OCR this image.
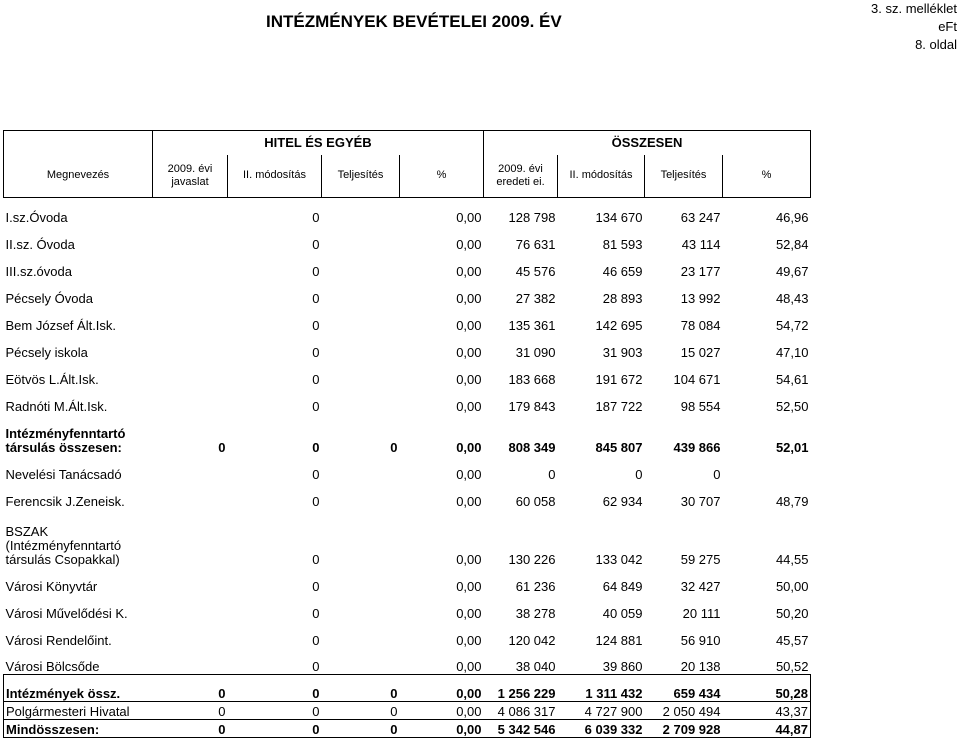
INTÉZMÉNYEK BEVÉTELEI 2009. ÉV
3. sz. melléklet
eFt
8. oldal
	HITEL ÉS EGYÉB				ÖSSZESEN			
Megnevezés	2009. évi javaslat	II. módosítás	Teljesítés	%	2009. évi eredeti ei.	II. módosítás	Teljesítés	%
I.sz.Óvoda		0		0,00	128 798	134 670	63 247	46,96
II.sz. Óvoda		0		0,00	76 631	81 593	43 114	52,84
III.sz.óvoda		0		0,00	45 576	46 659	23 177	49,67
Pécsely Óvoda		0		0,00	27 382	28 893	13 992	48,43
Bem József Ált.Isk.		0		0,00	135 361	142 695	78 084	54,72
Pécsely iskola		0		0,00	31 090	31 903	15 027	47,10
Eötvös L.Ált.Isk.		0		0,00	183 668	191 672	104 671	54,61
Radnóti M.Ált.Isk.		0		0,00	179 843	187 722	98 554	52,50
Intézményfenntartó társulás összesen:	0	0	0	0,00	808 349	845 807	439 866	52,01
Nevelési Tanácsadó		0		0,00	0	0	0	
Ferencsik J.Zeneisk.		0		0,00	60 058	62 934	30 707	48,79
BSZAK (Intézményfenntartó társulás Csopakkal)		0		0,00	130 226	133 042	59 275	44,55
Városi Könyvtár		0		0,00	61 236	64 849	32 427	50,00
Városi Művelődési K.		0		0,00	38 278	40 059	20 111	50,20
Városi Rendelőint.		0		0,00	120 042	124 881	56 910	45,57
Városi Bölcsőde		0		0,00	38 040	39 860	20 138	50,52
Intézmények össz.	0	0	0	0,00	1 256 229	1 311 432	659 434	50,28
Polgármesteri Hivatal	0	0	0	0,00	4 086 317	4 727 900	2 050 494	43,37
Mindösszesen:	0	0	0	0,00	5 342 546	6 039 332	2 709 928	44,87
